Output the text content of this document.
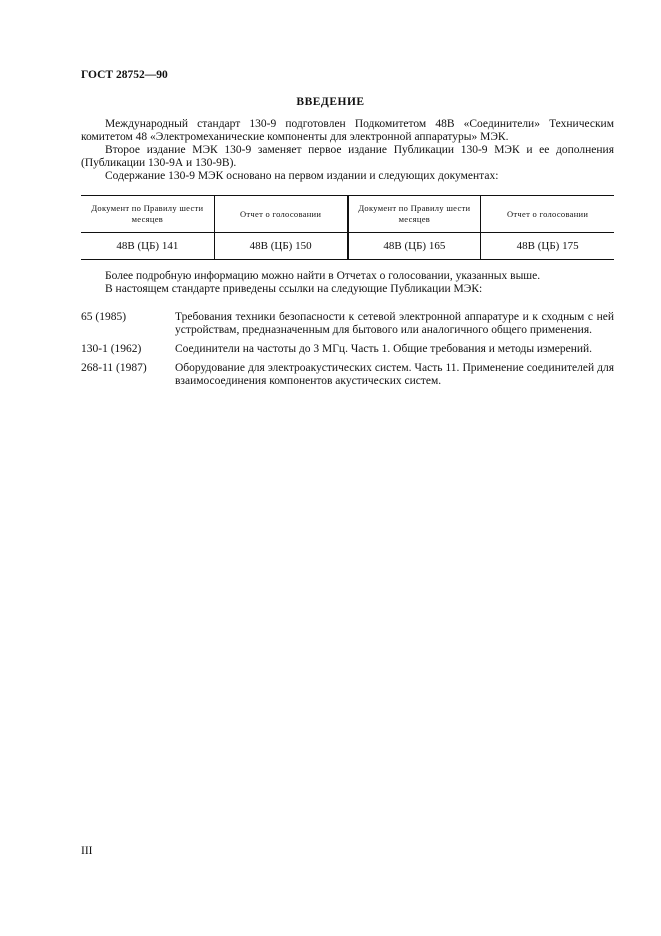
ГОСТ 28752—90
ВВЕДЕНИЕ

Международный стандарт 130-9 подготовлен Подкомитетом 48В «Соединители» Техническим комитетом 48 «Электромеханические компоненты для электронной аппаратуры» МЭК.

Второе издание МЭК 130-9 заменяет первое издание Публикации 130-9 МЭК и ее дополнения (Публикации 130-9А и 130-9В).

Содержание 130-9 МЭК основано на первом издании и следующих документах:

Документ по Правилу шести месяцев	Отчет о голосовании	Документ по Правилу шести месяцев	Отчет о голосовании
48В (ЦБ) 141	48В (ЦБ) 150	48В (ЦБ) 165	48В (ЦБ) 175

Более подробную информацию можно найти в Отчетах о голосовании, указанных выше.

В настоящем стандарте приведены ссылки на следующие Публикации МЭК:

65 (1985)	Требования техники безопасности к сетевой электронной аппаратуре и к сходным с ней устройствам, предназначенным для бытового или аналогичного общего применения.
130-1 (1962)	Соединители на частоты до 3 МГц. Часть 1. Общие требования и методы измерений.
268-11 (1987)	Оборудование для электроакустических систем. Часть 11. Применение соединителей для взаимосоединения компонентов акустических систем.
III
